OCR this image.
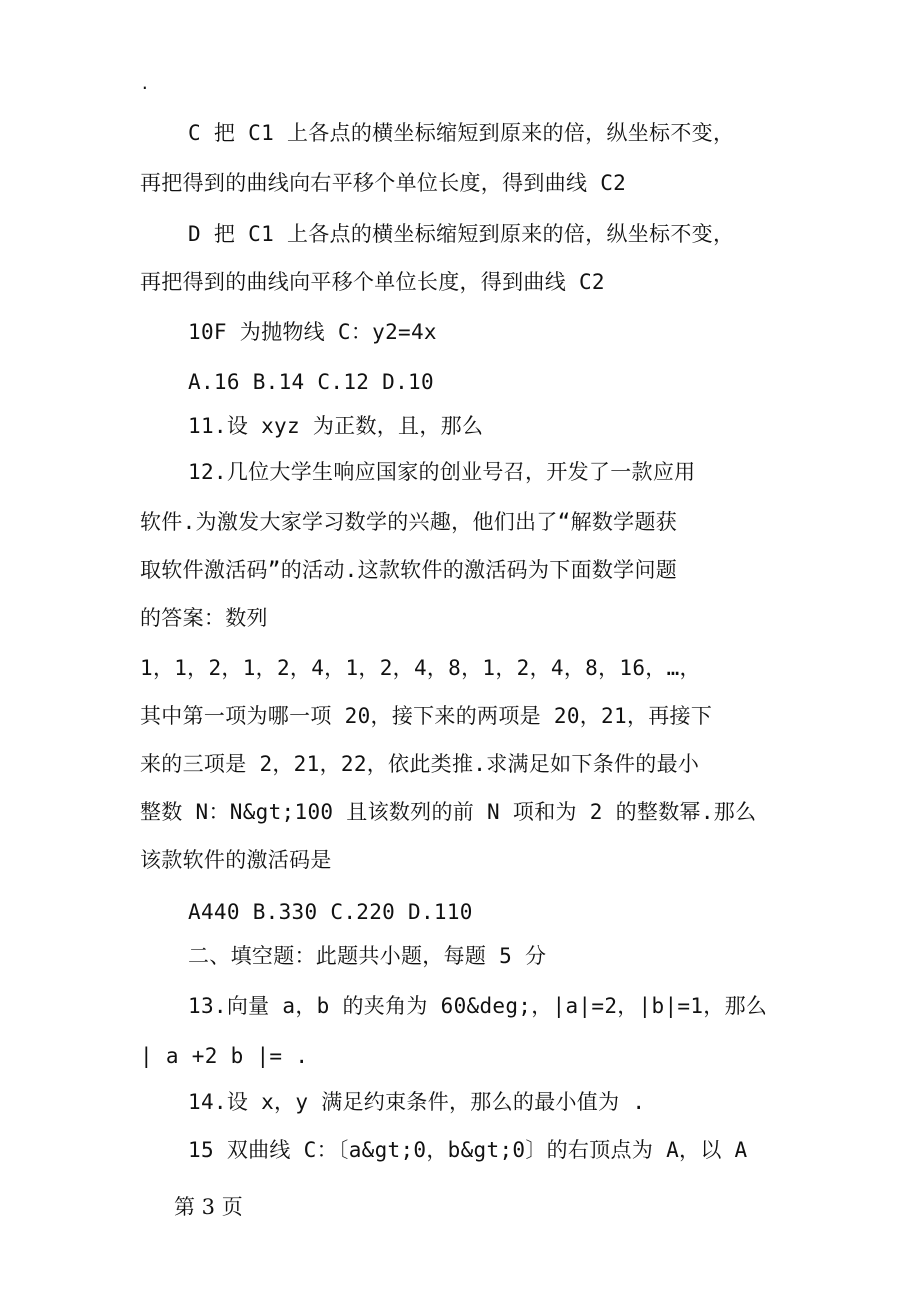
.
C 把 C1 上各点的横坐标缩短到原来的倍，纵坐标不变，
再把得到的曲线向右平移个单位长度，得到曲线 C2
D 把 C1 上各点的横坐标缩短到原来的倍，纵坐标不变，
再把得到的曲线向平移个单位长度，得到曲线 C2
10F 为抛物线 C：y2=4x
A.16 B.14 C.12 D.10
11.设 xyz 为正数，且，那么
12.几位大学生响应国家的创业号召，开发了一款应用
软件.为激发大家学习数学的兴趣，他们出了“解数学题获
取软件激活码”的活动.这款软件的激活码为下面数学问题
的答案：数列
1，1，2，1，2，4，1，2，4，8，1，2，4，8，16，…，
其中第一项为哪一项 20，接下来的两项是 20，21，再接下
来的三项是 2，21，22，依此类推.求满足如下条件的最小
整数 N：N&gt;100 且该数列的前 N 项和为 2 的整数幂.那么
该款软件的激活码是
A440 B.330 C.220 D.110
二、填空题：此题共小题，每题 5 分
13.向量 a，b 的夹角为 60&deg;，|a|=2，|b|=1，那么
| a +2 b |= .
14.设 x，y 满足约束条件，那么的最小值为 .
15 双曲线 C：〔a&gt;0，b&gt;0〕的右顶点为 A，以 A
第 3 页
